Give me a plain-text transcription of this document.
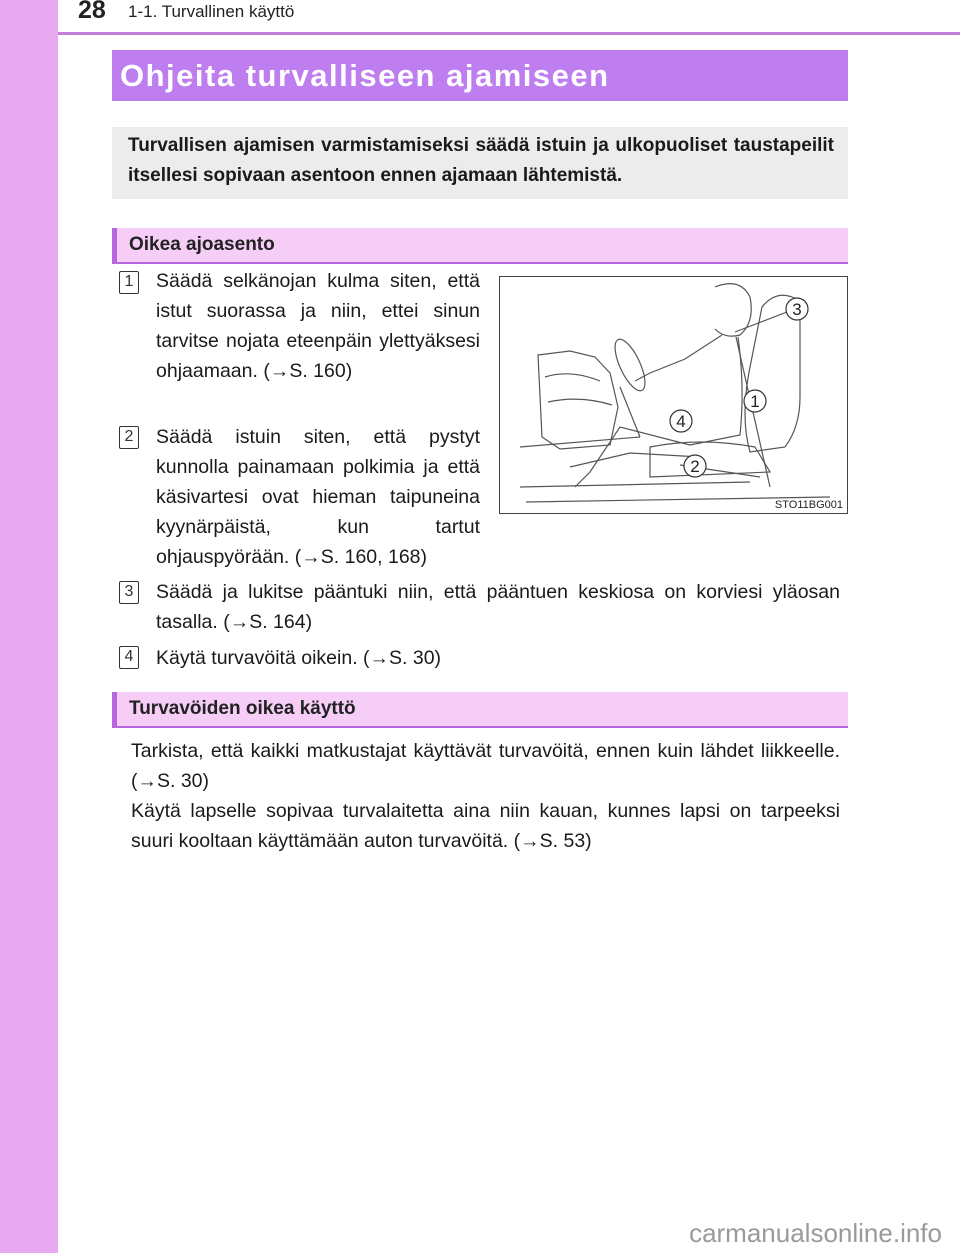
28 1-1. Turvallinen käyttö
Ohjeita turvalliseen ajamiseen
Turvallisen ajamisen varmistamiseksi säädä istuin ja ulkopuoliset taustapeilit itsellesi sopivaan asentoon ennen ajamaan lähtemistä.
Oikea ajoasento
1 Säädä selkänojan kulma siten, että istut suorassa ja niin, ettei sinun tarvitse nojata eteenpäin ylettyäksesi ohjaamaan. (→S. 160)
2 Säädä istuin siten, että pystyt kunnolla painamaan polkimia ja että käsivartesi ovat hieman taipuneina kyynärpäistä, kun tartut ohjauspyörään. (→S. 160, 168)
3 Säädä ja lukitse pääntuki niin, että pääntuen keskiosa on korviesi yläosan tasalla. (→S. 164)
4 Käytä turvavöitä oikein. (→S. 30)
3
1
4
2
STO11BG001
Turvavöiden oikea käyttö
Tarkista, että kaikki matkustajat käyttävät turvavöitä, ennen kuin lähdet liikkeelle. (→S. 30)
Käytä lapselle sopivaa turvalaitetta aina niin kauan, kunnes lapsi on tarpeeksi suuri kooltaan käyttämään auton turvavöitä. (→S. 53)
carmanualsonline.info
